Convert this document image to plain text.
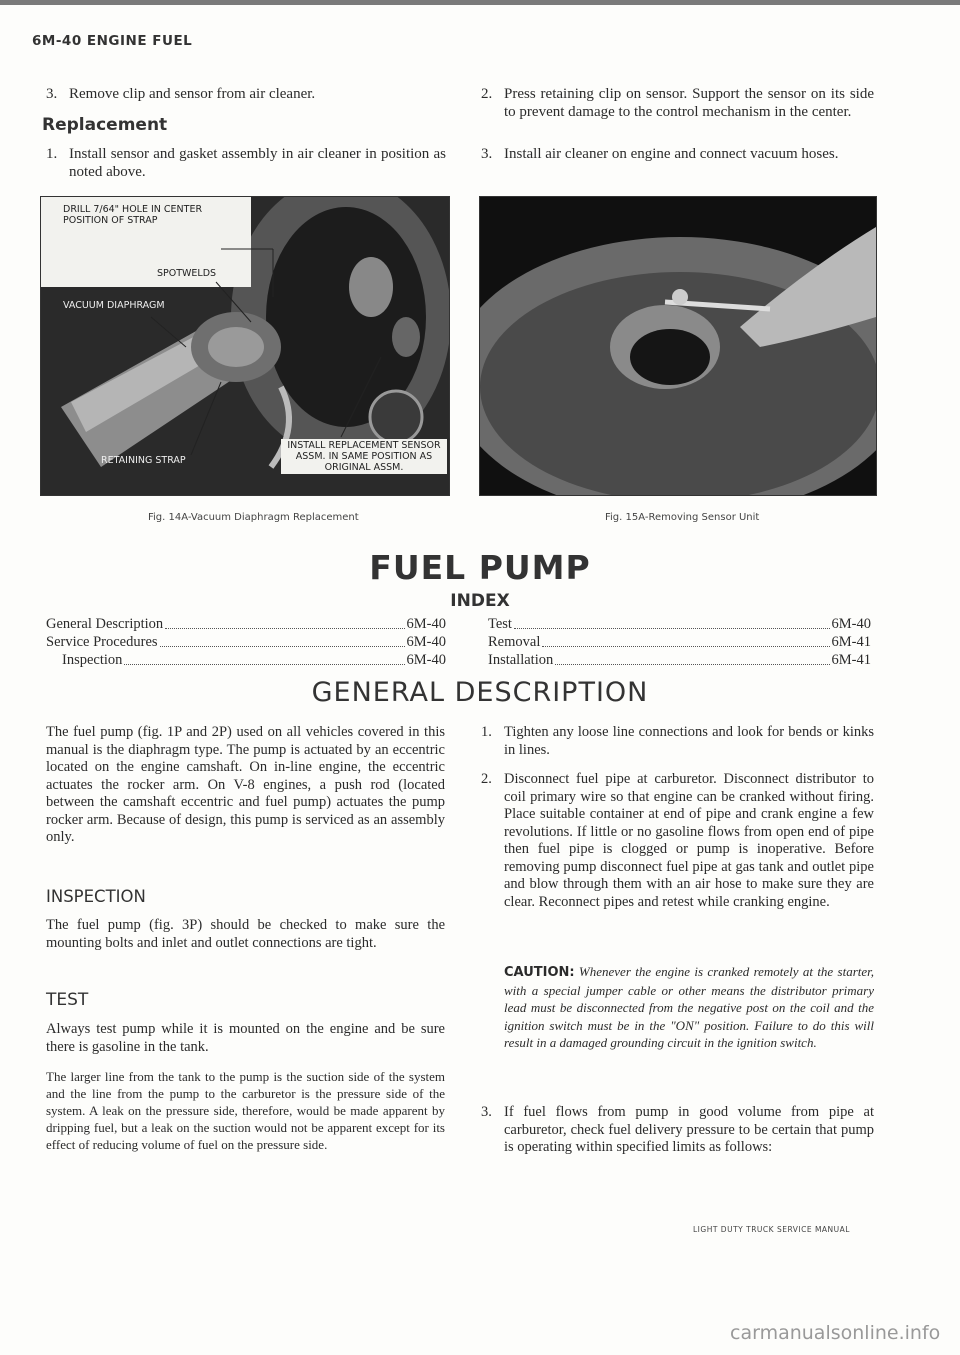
6M-40 ENGINE FUEL
3. Remove clip and sensor from air cleaner.
Replacement
1. Install sensor and gasket assembly in air cleaner in position as noted above.
2. Press retaining clip on sensor. Support the sensor on its side to prevent damage to the control mechanism in the center.
3. Install air cleaner on engine and connect vacuum hoses.
DRILL 7/64" HOLE IN CENTER POSITION OF STRAP
SPOTWELDS
VACUUM DIAPHRAGM
RETAINING STRAP
INSTALL REPLACEMENT SENSOR ASSM. IN SAME POSITION AS ORIGINAL ASSM.
Fig. 14A-Vacuum Diaphragm Replacement	Fig. 15A-Removing Sensor Unit
FUEL PUMP
INDEX
General Description	6M-40
Service Procedures	6M-40
Inspection	6M-40
Test	6M-40
Removal	6M-41
Installation	6M-41
GENERAL DESCRIPTION
The fuel pump (fig. 1P and 2P) used on all vehicles covered in this manual is the diaphragm type. The pump is actuated by an eccentric located on the engine camshaft. On in-line engine, the eccentric actuates the rocker arm. On V-8 engines, a push rod (located between the camshaft eccentric and fuel pump) actuates the pump rocker arm. Because of design, this pump is serviced as an assembly only.
INSPECTION
The fuel pump (fig. 3P) should be checked to make sure the mounting bolts and inlet and outlet connections are tight.
TEST
Always test pump while it is mounted on the engine and be sure there is gasoline in the tank.
The larger line from the tank to the pump is the suction side of the system and the line from the pump to the carburetor is the pressure side of the system. A leak on the pressure side, therefore, would be made apparent by dripping fuel, but a leak on the suction would not be apparent except for its effect of reducing volume of fuel on the pressure side.
1. Tighten any loose line connections and look for bends or kinks in lines.
2. Disconnect fuel pipe at carburetor. Disconnect distributor to coil primary wire so that engine can be cranked without firing. Place suitable container at end of pipe and crank engine a few revolutions. If little or no gasoline flows from open end of pipe then fuel pipe is clogged or pump is inoperative. Before removing pump disconnect fuel pipe at gas tank and outlet pipe and blow through them with an air hose to make sure they are clear. Reconnect pipes and retest while cranking engine.
CAUTION: Whenever the engine is cranked remotely at the starter, with a special jumper cable or other means the distributor primary lead must be disconnected from the negative post on the coil and the ignition switch must be in the "ON" position. Failure to do this will result in a damaged grounding circuit in the ignition switch.
3. If fuel flows from pump in good volume from pipe at carburetor, check fuel delivery pressure to be certain that pump is operating within specified limits as follows:
LIGHT DUTY TRUCK SERVICE MANUAL
carmanualsonline.info
